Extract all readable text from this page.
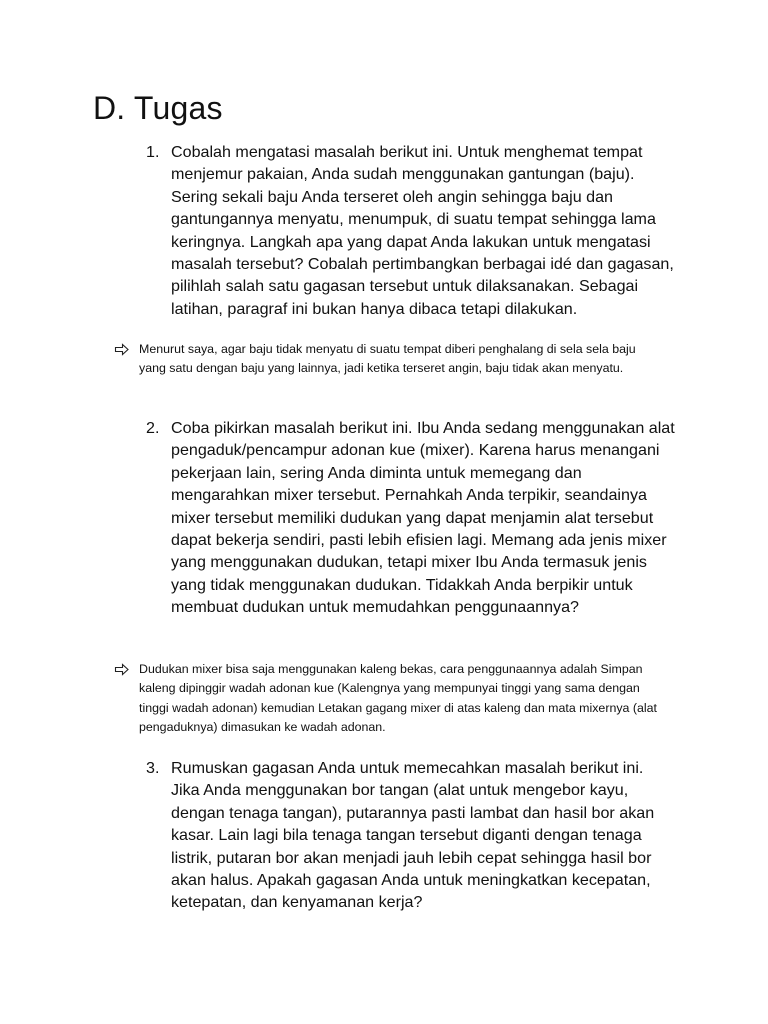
D. Tugas
1. Cobalah mengatasi masalah berikut ini. Untuk menghemat tempat menjemur pakaian, Anda sudah menggunakan gantungan (baju). Sering sekali baju Anda terseret oleh angin sehingga baju dan gantungannya menyatu, menumpuk, di suatu tempat sehingga lama keringnya. Langkah apa yang dapat Anda lakukan untuk mengatasi masalah tersebut? Cobalah pertimbangkan berbagai idé dan gagasan, pilihlah salah satu gagasan tersebut untuk dilaksanakan. Sebagai latihan, paragraf ini bukan hanya dibaca tetapi dilakukan.

Menurut saya, agar baju tidak menyatu di suatu tempat diberi penghalang di sela sela baju yang satu dengan baju yang lainnya, jadi ketika terseret angin, baju tidak akan menyatu.

2. Coba pikirkan masalah berikut ini. Ibu Anda sedang menggunakan alat pengaduk/pencampur adonan kue (mixer). Karena harus menangani pekerjaan lain, sering Anda diminta untuk memegang dan mengarahkan mixer tersebut. Pernahkah Anda terpikir, seandainya mixer tersebut memiliki dudukan yang dapat menjamin alat tersebut dapat bekerja sendiri, pasti lebih efisien lagi. Memang ada jenis mixer yang menggunakan dudukan, tetapi mixer Ibu Anda termasuk jenis yang tidak menggunakan dudukan. Tidakkah Anda berpikir untuk membuat dudukan untuk memudahkan penggunaannya?

Dudukan mixer bisa saja menggunakan kaleng bekas, cara penggunaannya adalah Simpan kaleng dipinggir wadah adonan kue (Kalengnya yang mempunyai tinggi yang sama dengan tinggi wadah adonan) kemudian Letakan gagang mixer di atas kaleng dan mata mixernya (alat pengaduknya) dimasukan ke wadah adonan.

3. Rumuskan gagasan Anda untuk memecahkan masalah berikut ini. Jika Anda menggunakan bor tangan (alat untuk mengebor kayu, dengan tenaga tangan), putarannya pasti lambat dan hasil bor akan kasar. Lain lagi bila tenaga tangan tersebut diganti dengan tenaga listrik, putaran bor akan menjadi jauh lebih cepat sehingga hasil bor akan halus. Apakah gagasan Anda untuk meningkatkan kecepatan, ketepatan, dan kenyamanan kerja?
